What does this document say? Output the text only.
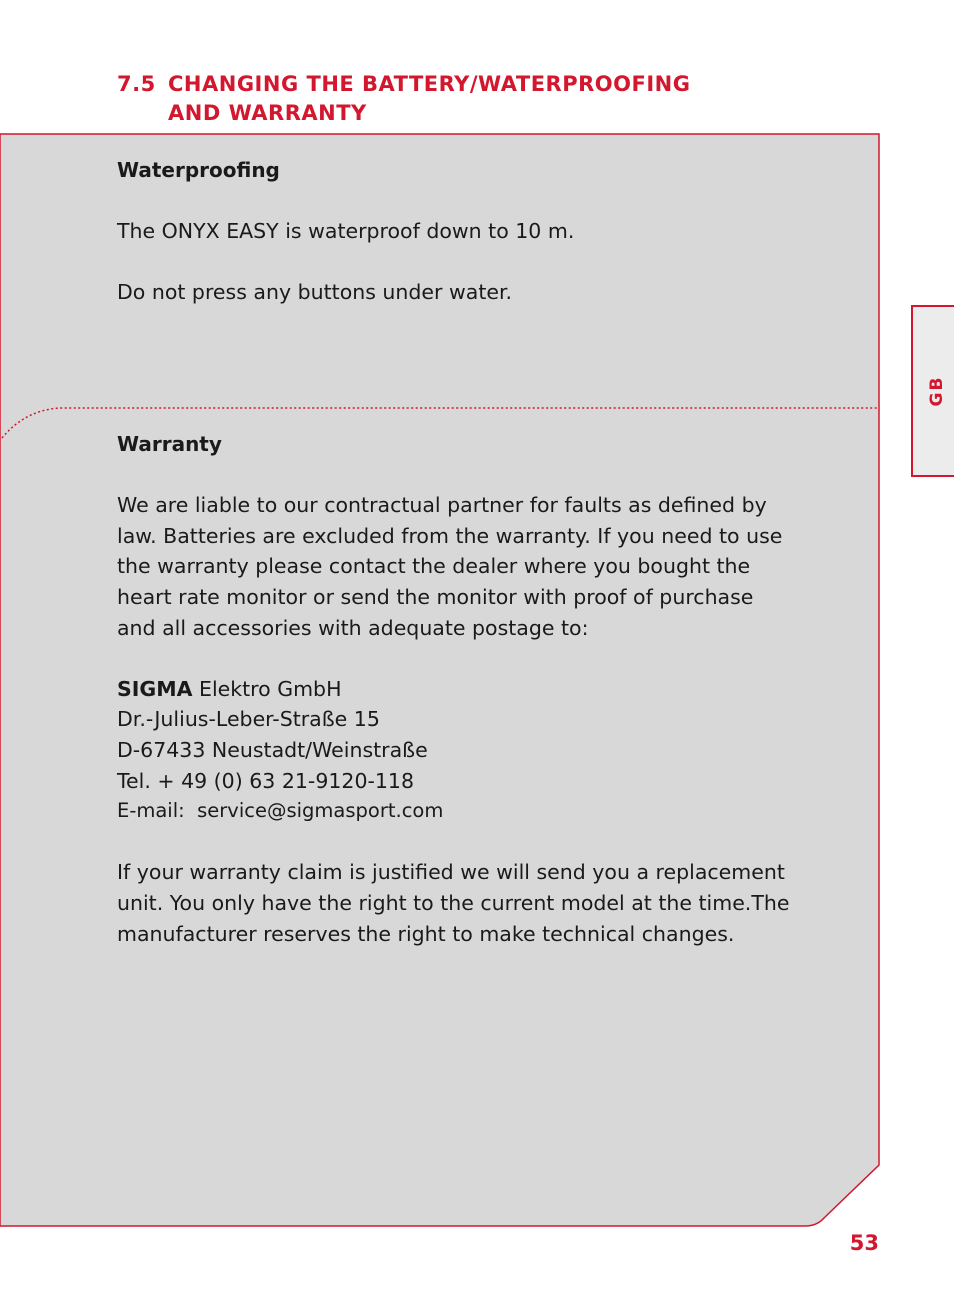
7.5 CHANGING THE BATTERY/WATERPROOFING
AND WARRANTY
Waterproofing

The ONYX EASY is waterproof down to 10 m.

Do not press any buttons under water.

Warranty
We are liable to our contractual partner for faults as defined by
law. Batteries are excluded from the warranty. If you need to use
the warranty please contact the dealer where you bought the
heart rate monitor or send the monitor with proof of purchase
and all accessories with adequate postage to:
SIGMA Elektro GmbH
Dr.-Julius-Leber-Straße 15
D-67433 Neustadt/Weinstraße
Tel. + 49 (0) 63 21-9120-118
E-mail: service@sigmasport.com
If your warranty claim is justified we will send you a replacement
unit. You only have the right to the current model at the time.The
manufacturer reserves the right to make technical changes.
GB
53
